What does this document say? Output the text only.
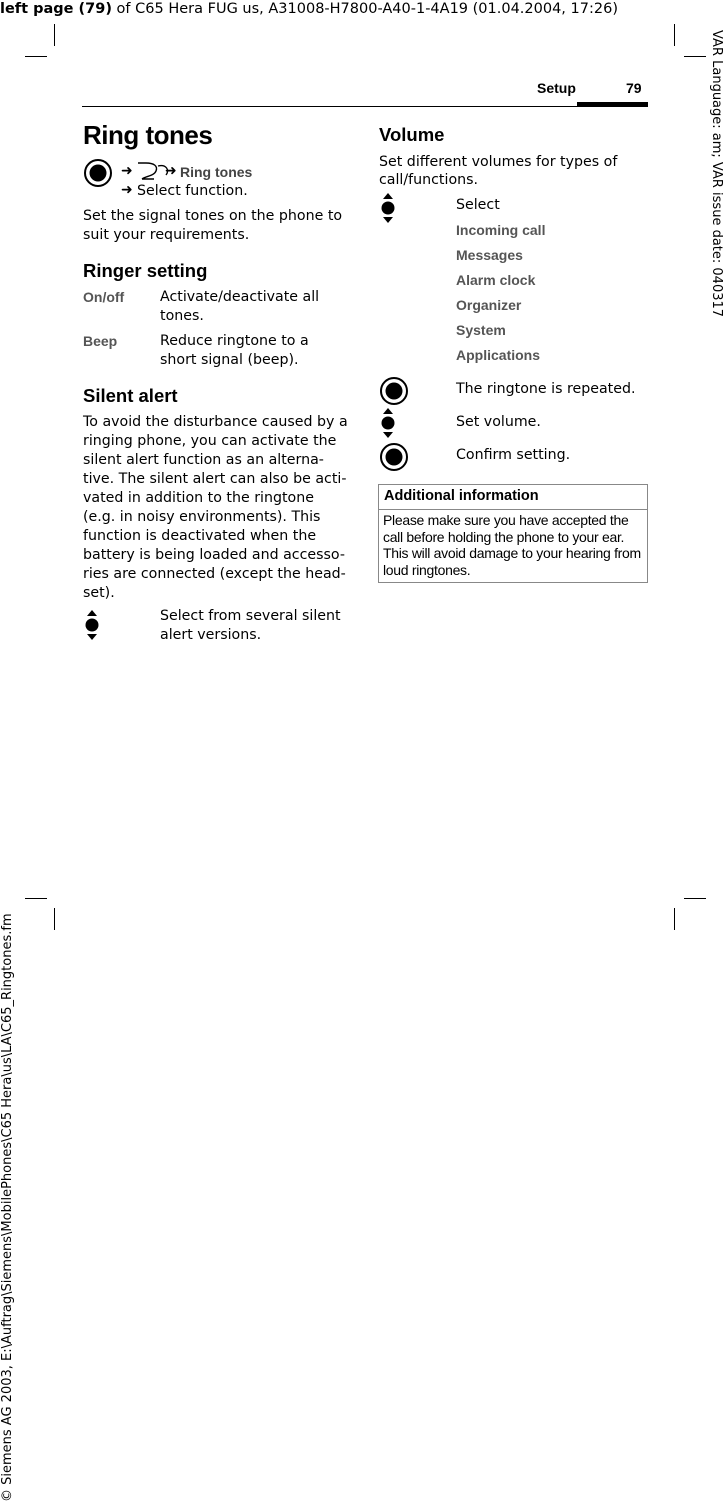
left page (79) of C65 Hera FUG us, A31008-H7800-A40-1-4A19 (01.04.2004, 17:26)
VAR Language: am; VAR issue date: 040317
© Siemens AG 2003, E:\Auftrag\Siemens\MobilePhones\C65 Hera\us\LA\C65_Ringtones.fm
Setup	79
Ring tones
➜ ➜ Ring tones
➜ Select function.
Set the signal tones on the phone to suit your requirements.
Ringer setting
On/off	Activate/deactivate all
tones.
Beep	Reduce ringtone to a
short signal (beep).
Silent alert
To avoid the disturbance caused by a
ringing phone, you can activate the
silent alert function as an alterna-
tive. The silent alert can also be acti-
vated in addition to the ringtone
(e.g. in noisy environments). This
function is deactivated when the
battery is being loaded and accesso-
ries are connected (except the head-
set).
Select from several silent
alert versions.
Volume
Set different volumes for types of
call/functions.
Select
Incoming call
Messages
Alarm clock
Organizer
System
Applications
The ringtone is repeated.
Set volume.
Confirm setting.
Additional information
Please make sure you have accepted the
call before holding the phone to your ear.
This will avoid damage to your hearing from
loud ringtones.
